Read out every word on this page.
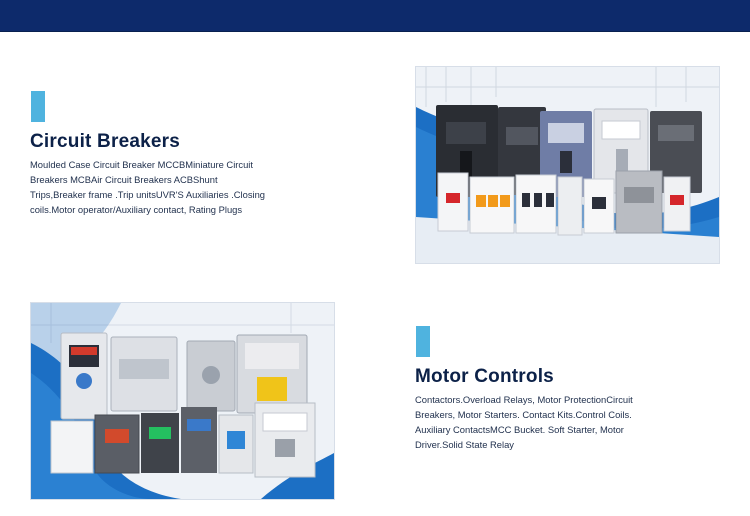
Circuit Breakers
Moulded Case Circuit Breaker MCCBMiniature Circuit
Breakers MCBAir Circuit Breakers ACBShunt
Trips,Breaker frame .Trip unitsUVR'S Auxiliaries .Closing
coils.Motor operator/Auxiliary contact, Rating Plugs
Motor Controls
Contactors.Overload Relays, Motor ProtectionCircuit
Breakers, Motor Starters. Contact Kits.Control Coils.
Auxiliary ContactsMCC Bucket. Soft Starter, Motor
Driver.Solid State Relay
